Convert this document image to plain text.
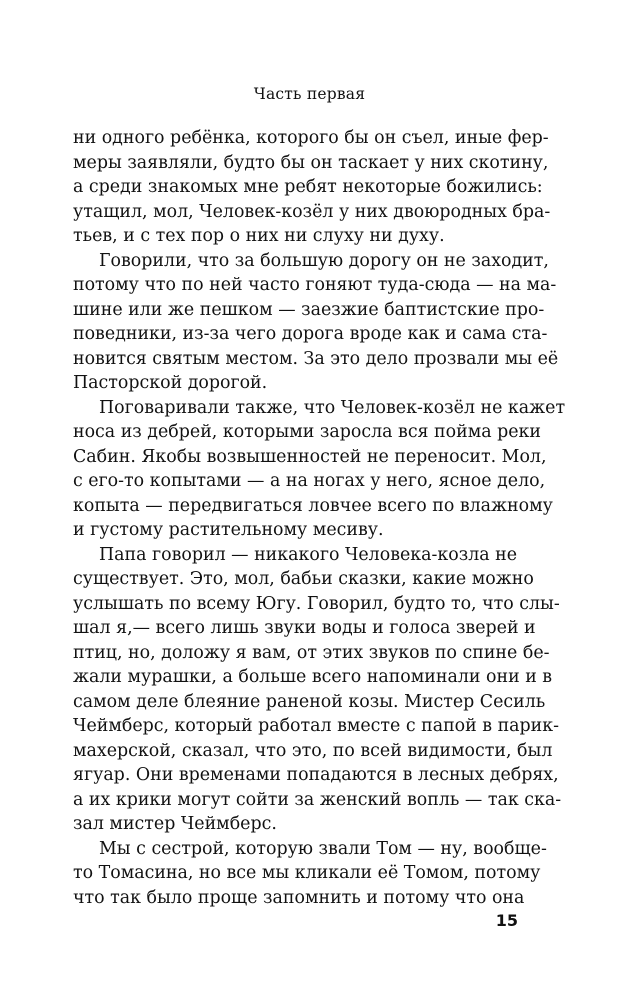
Часть первая
ни одного ребёнка, которого бы он съел, иные фер-
меры заявляли, будто бы он таскает у них скотину,
а среди знакомых мне ребят некоторые божились:
утащил, мол, Человек-козёл у них двоюродных бра-
тьев, и с тех пор о них ни слуху ни духу.
Говорили, что за большую дорогу он не заходит,
потому что по ней часто гоняют туда-сюда — на ма-
шине или же пешком — заезжие баптистские про-
поведники, из-за чего дорога вроде как и сама ста-
новится святым местом. За это дело прозвали мы её
Пасторской дорогой.
Поговаривали также, что Человек-козёл не кажет
носа из дебрей, которыми заросла вся пойма реки
Сабин. Якобы возвышенностей не переносит. Мол,
с его-то копытами — а на ногах у него, ясное дело,
копыта — передвигаться ловчее всего по влажному
и густому растительному месиву.
Папа говорил — никакого Человека-козла не
существует. Это, мол, бабьи сказки, какие можно
услышать по всему Югу. Говорил, будто то, что слы-
шал я,— всего лишь звуки воды и голоса зверей и
птиц, но, доложу я вам, от этих звуков по спине бе-
жали мурашки, а больше всего напоминали они и в
самом деле блеяние раненой козы. Мистер Сесиль
Чеймберс, который работал вместе с папой в парик-
махерской, сказал, что это, по всей видимости, был
ягуар. Они временами попадаются в лесных дебрях,
а их крики могут сойти за женский вопль — так ска-
зал мистер Чеймберс.
Мы с сестрой, которую звали Том — ну, вообще-
то Томасина, но все мы кликали её Томом, потому
что так было проще запомнить и потому что она
15
